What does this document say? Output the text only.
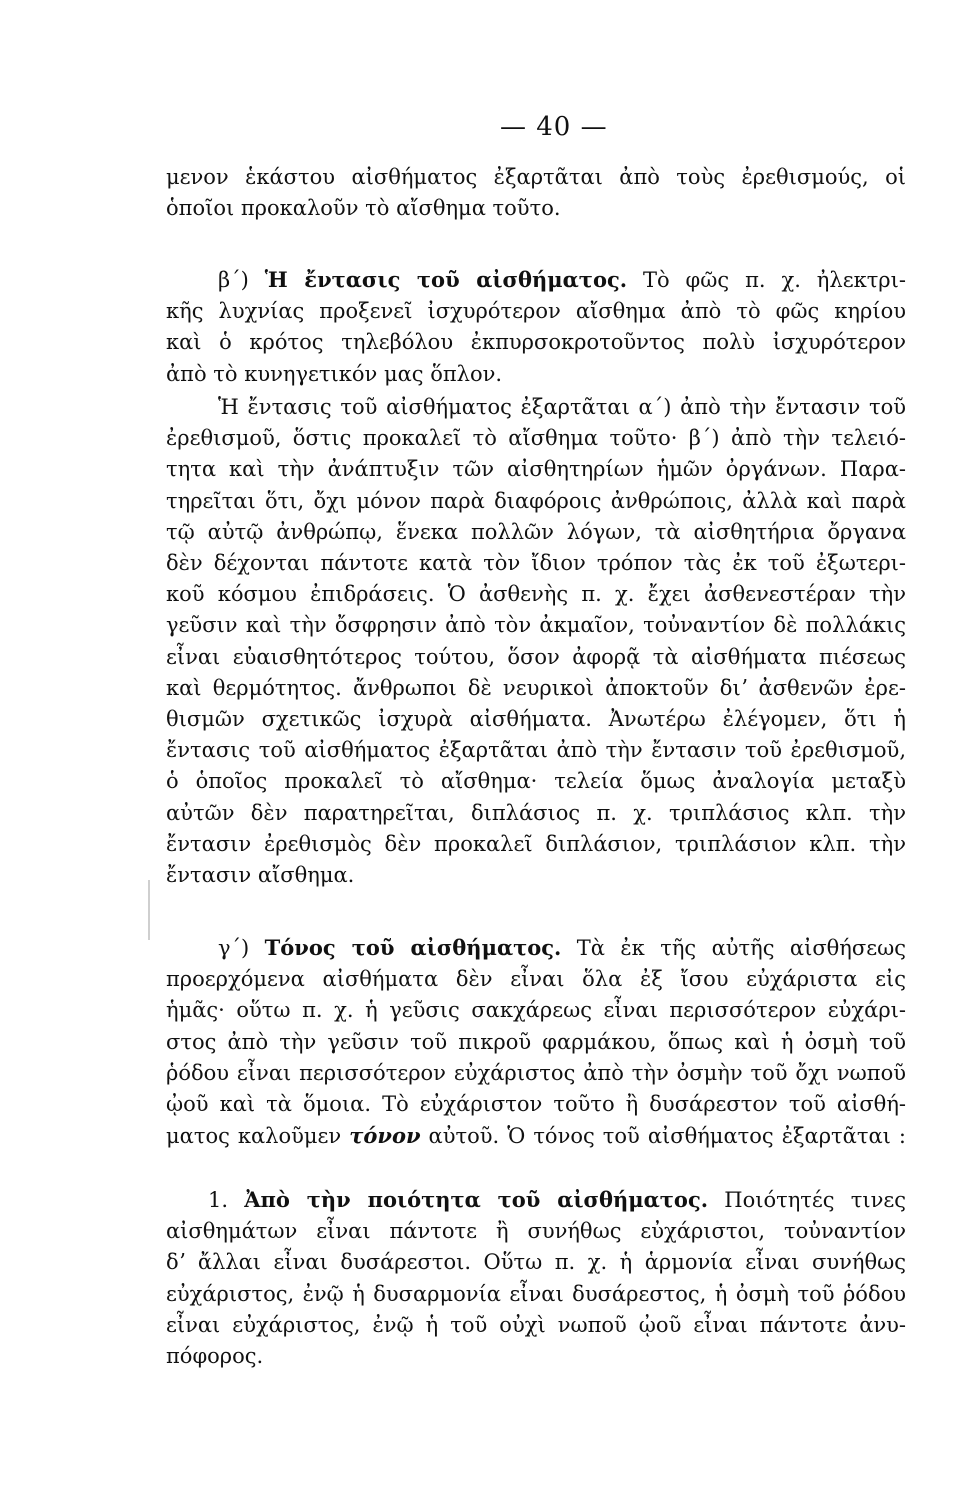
— 40 —
μενον ἑκάστου αἰσθήματος ἐξαρτᾶται ἀπὸ τοὺς ἐρεθισμούς, οἱ
ὁποῖοι προκαλοῦν τὸ αἴσθημα τοῦτο.
β΄) Ἡ ἔντασις τοῦ αἰσθήματος. Τὸ φῶς π. χ. ἠλεκτρι-
κῆς λυχνίας προξενεῖ ἰσχυρότερον αἴσθημα ἀπὸ τὸ φῶς κηρίου
καὶ ὁ κρότος τηλεβόλου ἐκπυρσοκροτοῦντος πολὺ ἰσχυρότερον
ἀπὸ τὸ κυνηγετικόν μας ὅπλον.
Ἡ ἔντασις τοῦ αἰσθήματος ἐξαρτᾶται α΄) ἀπὸ τὴν ἔντασιν τοῦ
ἐρεθισμοῦ, ὅστις προκαλεῖ τὸ αἴσθημα τοῦτο· β΄) ἀπὸ τὴν τελειό-
τητα καὶ τὴν ἀνάπτυξιν τῶν αἰσθητηρίων ἡμῶν ὀργάνων. Παρα-
τηρεῖται ὅτι, ὄχι μόνον παρὰ διαφόροις ἀνθρώποις, ἀλλὰ καὶ παρὰ
τῷ αὐτῷ ἀνθρώπῳ, ἕνεκα πολλῶν λόγων, τὰ αἰσθητήρια ὄργανα
δὲν δέχονται πάντοτε κατὰ τὸν ἴδιον τρόπον τὰς ἐκ τοῦ ἐξωτερι-
κοῦ κόσμου ἐπιδράσεις. Ὁ ἀσθενὴς π. χ. ἔχει ἀσθενεστέραν τὴν
γεῦσιν καὶ τὴν ὄσφρησιν ἀπὸ τὸν ἀκμαῖον, τοὐναντίον δὲ πολλάκις
εἶναι εὐαισθητότερος τούτου, ὅσον ἀφορᾷ τὰ αἰσθήματα πιέσεως
καὶ θερμότητος. ἄνθρωποι δὲ νευρικοὶ ἀποκτοῦν διʼ ἀσθενῶν ἐρε-
θισμῶν σχετικῶς ἰσχυρὰ αἰσθήματα. Ἀνωτέρω ἐλέγομεν, ὅτι ἡ
ἔντασις τοῦ αἰσθήματος ἐξαρτᾶται ἀπὸ τὴν ἔντασιν τοῦ ἐρεθισμοῦ,
ὁ ὁποῖος προκαλεῖ τὸ αἴσθημα· τελεία ὅμως ἀναλογία μεταξὺ
αὐτῶν δὲν παρατηρεῖται, διπλάσιος π. χ. τριπλάσιος κλπ. τὴν
ἔντασιν ἐρεθισμὸς δὲν προκαλεῖ διπλάσιον, τριπλάσιον κλπ. τὴν
ἔντασιν αἴσθημα.
γ΄) Τόνος τοῦ αἰσθήματος. Τὰ ἐκ τῆς αὐτῆς αἰσθήσεως
προερχόμενα αἰσθήματα δὲν εἶναι ὅλα ἐξ ἴσου εὐχάριστα εἰς
ἡμᾶς· οὕτω π. χ. ἡ γεῦσις σακχάρεως εἶναι περισσότερον εὐχάρι-
στος ἀπὸ τὴν γεῦσιν τοῦ πικροῦ φαρμάκου, ὅπως καὶ ἡ ὀσμὴ τοῦ
ῥόδου εἶναι περισσότερον εὐχάριστος ἀπὸ τὴν ὀσμὴν τοῦ ὄχι νωποῦ
ᾠοῦ καὶ τὰ ὅμοια. Τὸ εὐχάριστον τοῦτο ἢ δυσάρεστον τοῦ αἰσθή-
ματος καλοῦμεν τόνον αὐτοῦ. Ὁ τόνος τοῦ αἰσθήματος ἐξαρτᾶται :
1. Ἀπὸ τὴν ποιότητα τοῦ αἰσθήματος. Ποιότητές τινες
αἰσθημάτων εἶναι πάντοτε ἢ συνήθως εὐχάριστοι, τοὐναντίον
δʼ ἄλλαι εἶναι δυσάρεστοι. Οὕτω π. χ. ἡ ἁρμονία εἶναι συνήθως
εὐχάριστος, ἐνῷ ἡ δυσαρμονία εἶναι δυσάρεστος, ἡ ὀσμὴ τοῦ ῥόδου
εἶναι εὐχάριστος, ἐνῷ ἡ τοῦ οὐχὶ νωποῦ ᾠοῦ εἶναι πάντοτε ἀνυ-
πόφορος.
